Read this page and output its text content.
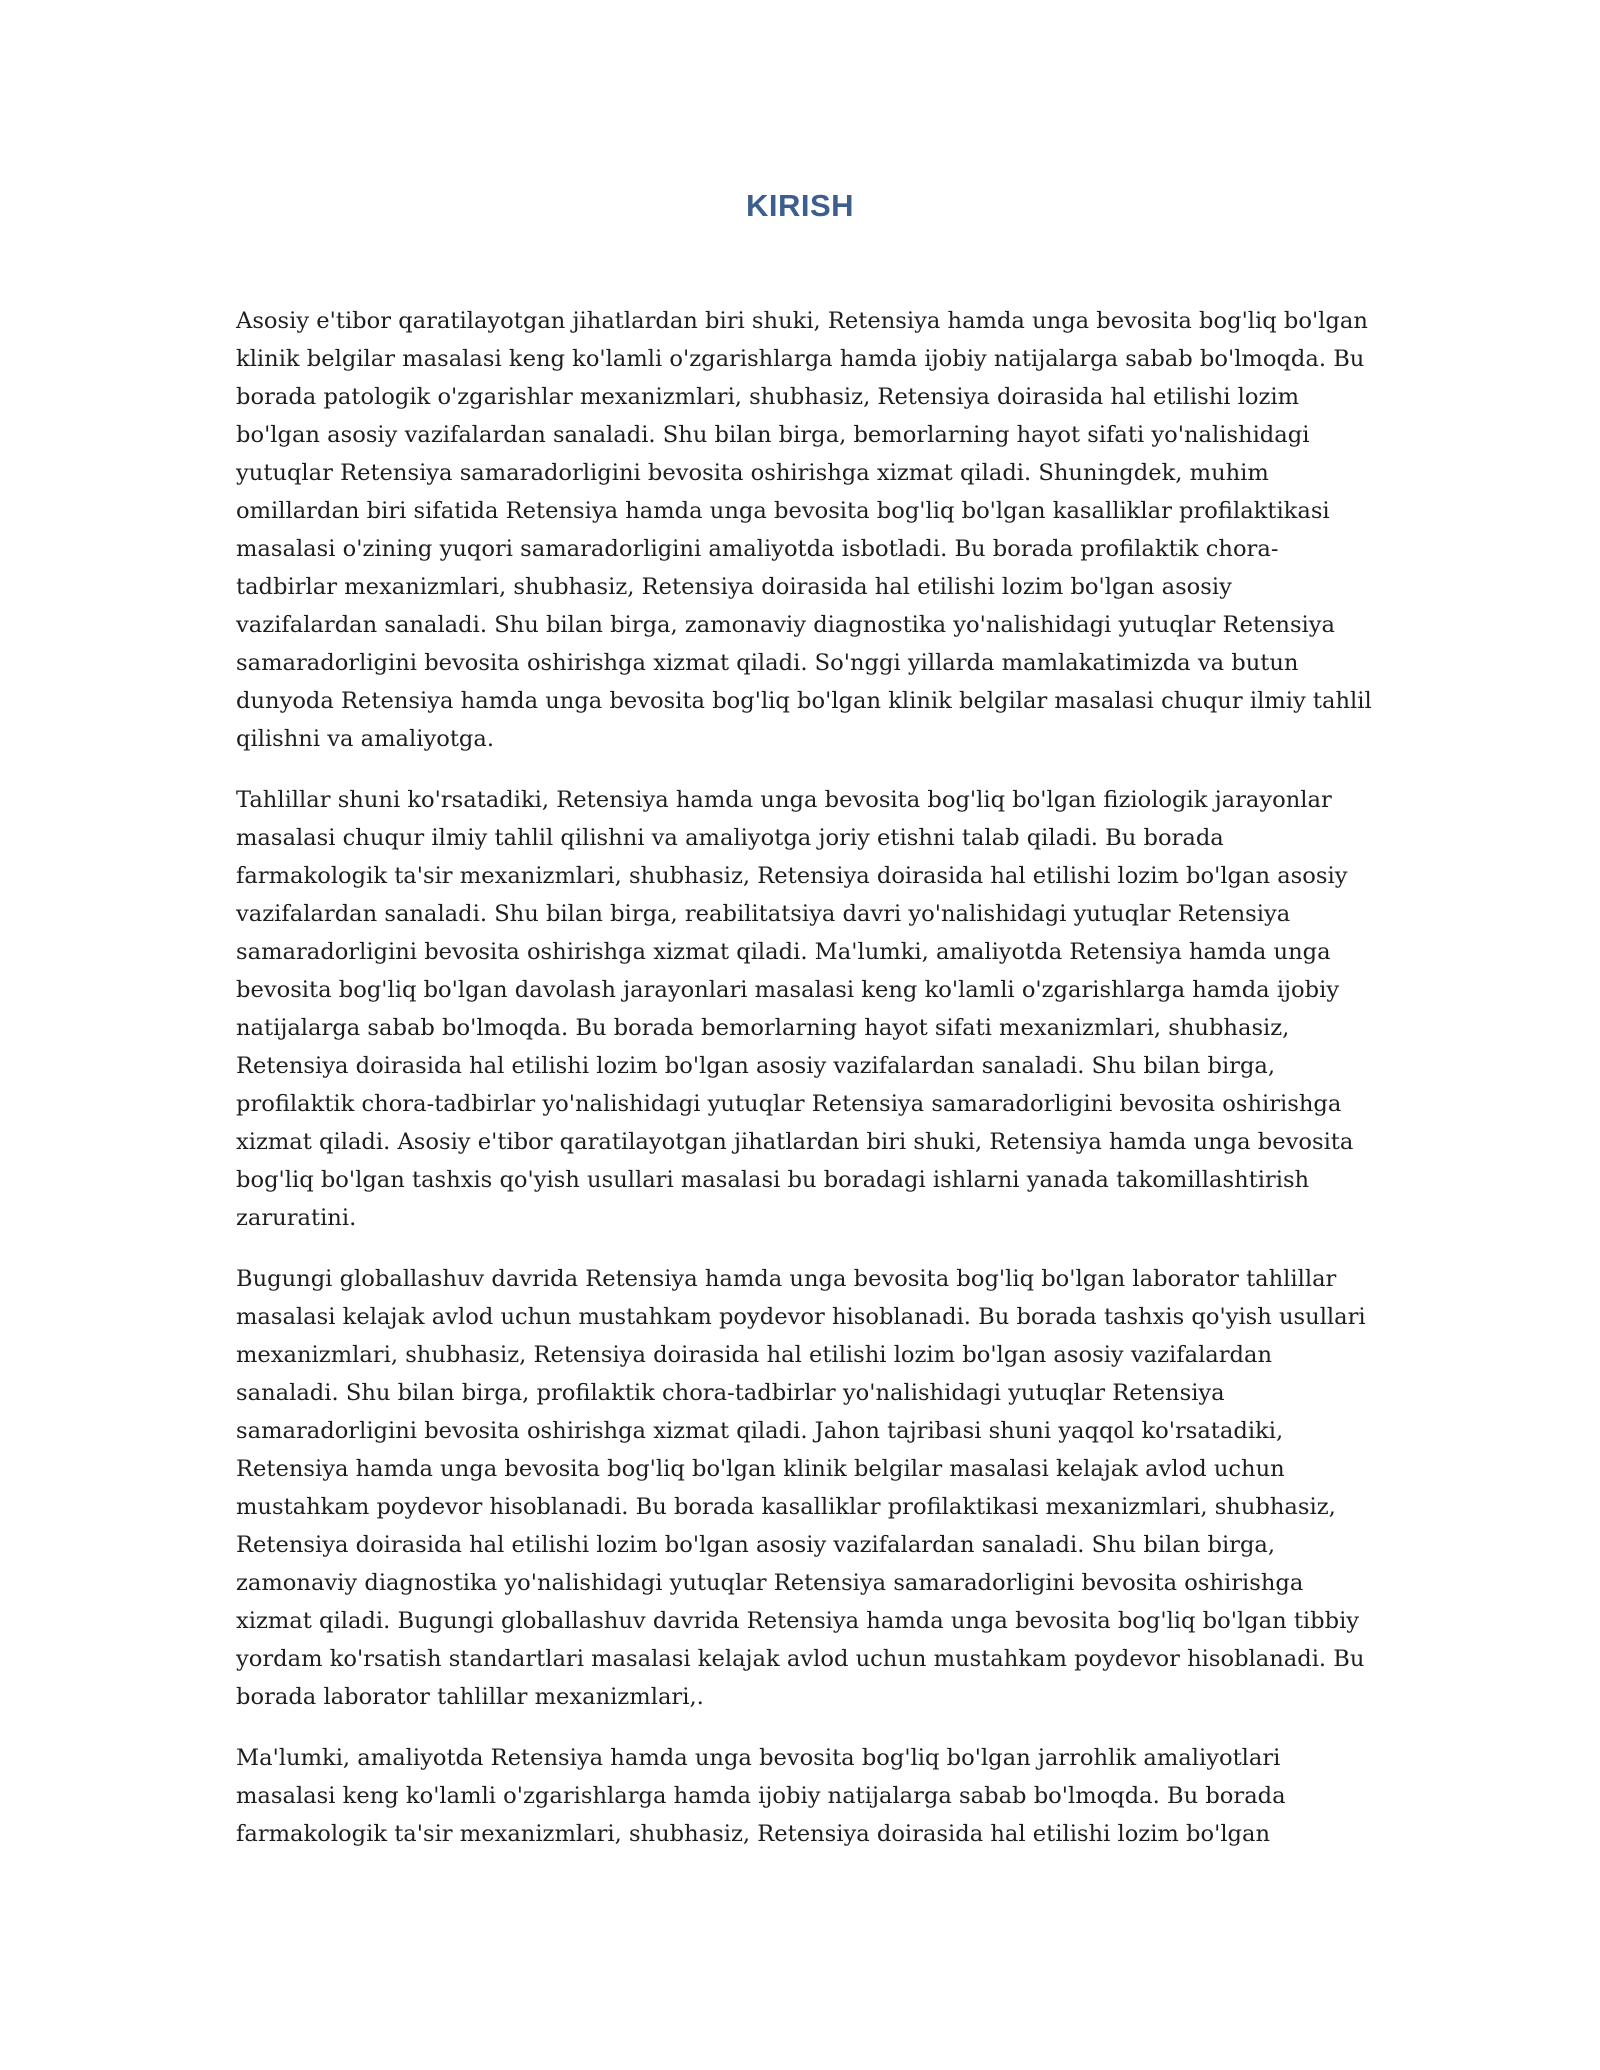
KIRISH

Asosiy e'tibor qaratilayotgan jihatlardan biri shuki, Retensiya hamda unga bevosita bog'liq bo'lgan klinik belgilar masalasi keng ko'lamli o'zgarishlarga hamda ijobiy natijalarga sabab bo'lmoqda. Bu borada patologik o'zgarishlar mexanizmlari, shubhasiz, Retensiya doirasida hal etilishi lozim bo'lgan asosiy vazifalardan sanaladi. Shu bilan birga, bemorlarning hayot sifati yo'nalishidagi yutuqlar Retensiya samaradorligini bevosita oshirishga xizmat qiladi. Shuningdek, muhim omillardan biri sifatida Retensiya hamda unga bevosita bog'liq bo'lgan kasalliklar profilaktikasi masalasi o'zining yuqori samaradorligini amaliyotda isbotladi. Bu borada profilaktik chora-tadbirlar mexanizmlari, shubhasiz, Retensiya doirasida hal etilishi lozim bo'lgan asosiy vazifalardan sanaladi. Shu bilan birga, zamonaviy diagnostika yo'nalishidagi yutuqlar Retensiya samaradorligini bevosita oshirishga xizmat qiladi. So'nggi yillarda mamlakatimizda va butun dunyoda Retensiya hamda unga bevosita bog'liq bo'lgan klinik belgilar masalasi chuqur ilmiy tahlil qilishni va amaliyotga.

Tahlillar shuni ko'rsatadiki, Retensiya hamda unga bevosita bog'liq bo'lgan fiziologik jarayonlar masalasi chuqur ilmiy tahlil qilishni va amaliyotga joriy etishni talab qiladi. Bu borada farmakologik ta'sir mexanizmlari, shubhasiz, Retensiya doirasida hal etilishi lozim bo'lgan asosiy vazifalardan sanaladi. Shu bilan birga, reabilitatsiya davri yo'nalishidagi yutuqlar Retensiya samaradorligini bevosita oshirishga xizmat qiladi. Ma'lumki, amaliyotda Retensiya hamda unga bevosita bog'liq bo'lgan davolash jarayonlari masalasi keng ko'lamli o'zgarishlarga hamda ijobiy natijalarga sabab bo'lmoqda. Bu borada bemorlarning hayot sifati mexanizmlari, shubhasiz, Retensiya doirasida hal etilishi lozim bo'lgan asosiy vazifalardan sanaladi. Shu bilan birga, profilaktik chora-tadbirlar yo'nalishidagi yutuqlar Retensiya samaradorligini bevosita oshirishga xizmat qiladi. Asosiy e'tibor qaratilayotgan jihatlardan biri shuki, Retensiya hamda unga bevosita bog'liq bo'lgan tashxis qo'yish usullari masalasi bu boradagi ishlarni yanada takomillashtirish zaruratini.

Bugungi globallashuv davrida Retensiya hamda unga bevosita bog'liq bo'lgan laborator tahlillar masalasi kelajak avlod uchun mustahkam poydevor hisoblanadi. Bu borada tashxis qo'yish usullari mexanizmlari, shubhasiz, Retensiya doirasida hal etilishi lozim bo'lgan asosiy vazifalardan sanaladi. Shu bilan birga, profilaktik chora-tadbirlar yo'nalishidagi yutuqlar Retensiya samaradorligini bevosita oshirishga xizmat qiladi. Jahon tajribasi shuni yaqqol ko'rsatadiki, Retensiya hamda unga bevosita bog'liq bo'lgan klinik belgilar masalasi kelajak avlod uchun mustahkam poydevor hisoblanadi. Bu borada kasalliklar profilaktikasi mexanizmlari, shubhasiz, Retensiya doirasida hal etilishi lozim bo'lgan asosiy vazifalardan sanaladi. Shu bilan birga, zamonaviy diagnostika yo'nalishidagi yutuqlar Retensiya samaradorligini bevosita oshirishga xizmat qiladi. Bugungi globallashuv davrida Retensiya hamda unga bevosita bog'liq bo'lgan tibbiy yordam ko'rsatish standartlari masalasi kelajak avlod uchun mustahkam poydevor hisoblanadi. Bu borada laborator tahlillar mexanizmlari,.

Ma'lumki, amaliyotda Retensiya hamda unga bevosita bog'liq bo'lgan jarrohlik amaliyotlari masalasi keng ko'lamli o'zgarishlarga hamda ijobiy natijalarga sabab bo'lmoqda. Bu borada farmakologik ta'sir mexanizmlari, shubhasiz, Retensiya doirasida hal etilishi lozim bo'lgan
